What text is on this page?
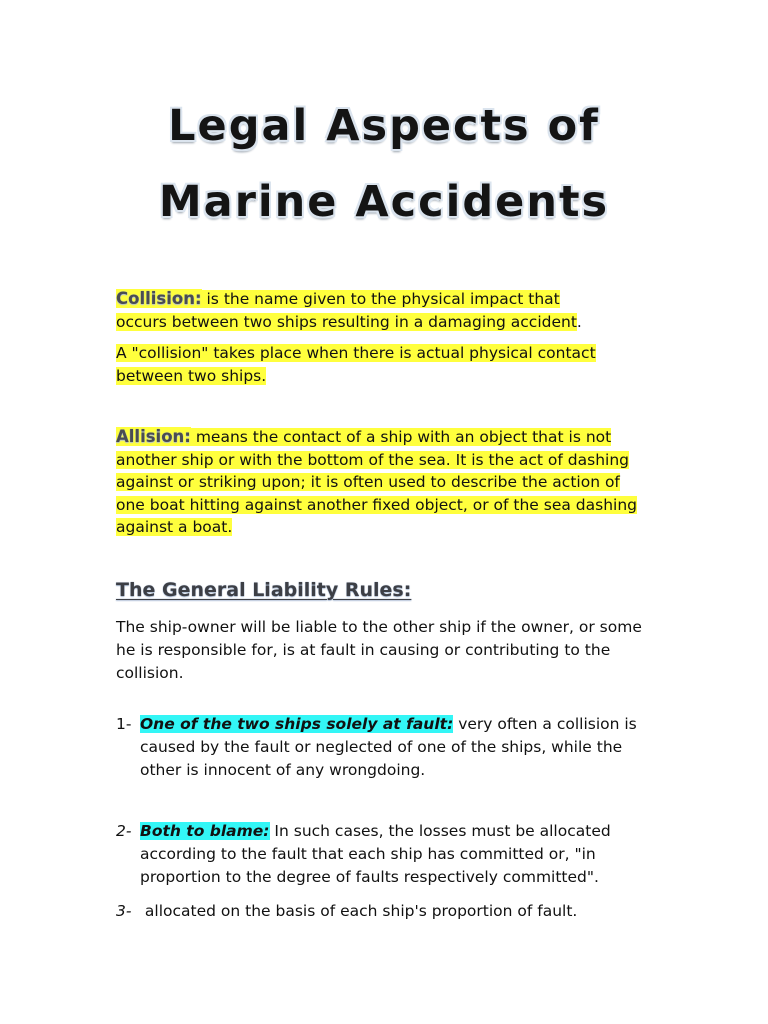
Legal Aspects of
Marine Accidents

Collision: is the name given to the physical impact that
occurs between two ships resulting in a damaging accident.

A "collision" takes place when there is actual physical contact between two ships.

Allision: means the contact of a ship with an object that is not another ship or with the bottom of the sea. It is the act of dashing against or striking upon; it is often used to describe the action of one boat hitting against another fixed object, or of the sea dashing against a boat.

The General Liability Rules:

The ship-owner will be liable to the other ship if the owner, or some he is responsible for, is at fault in causing or contributing to the collision.

1- One of the two ships solely at fault: very often a collision is
caused by the fault or neglected of one of the ships, while the other is innocent of any wrongdoing.
2- Both to blame: In such cases, the losses must be allocated
according to the fault that each ship has committed or, "in proportion to the degree of faults respectively committed".
3- allocated on the basis of each ship's proportion of fault.
